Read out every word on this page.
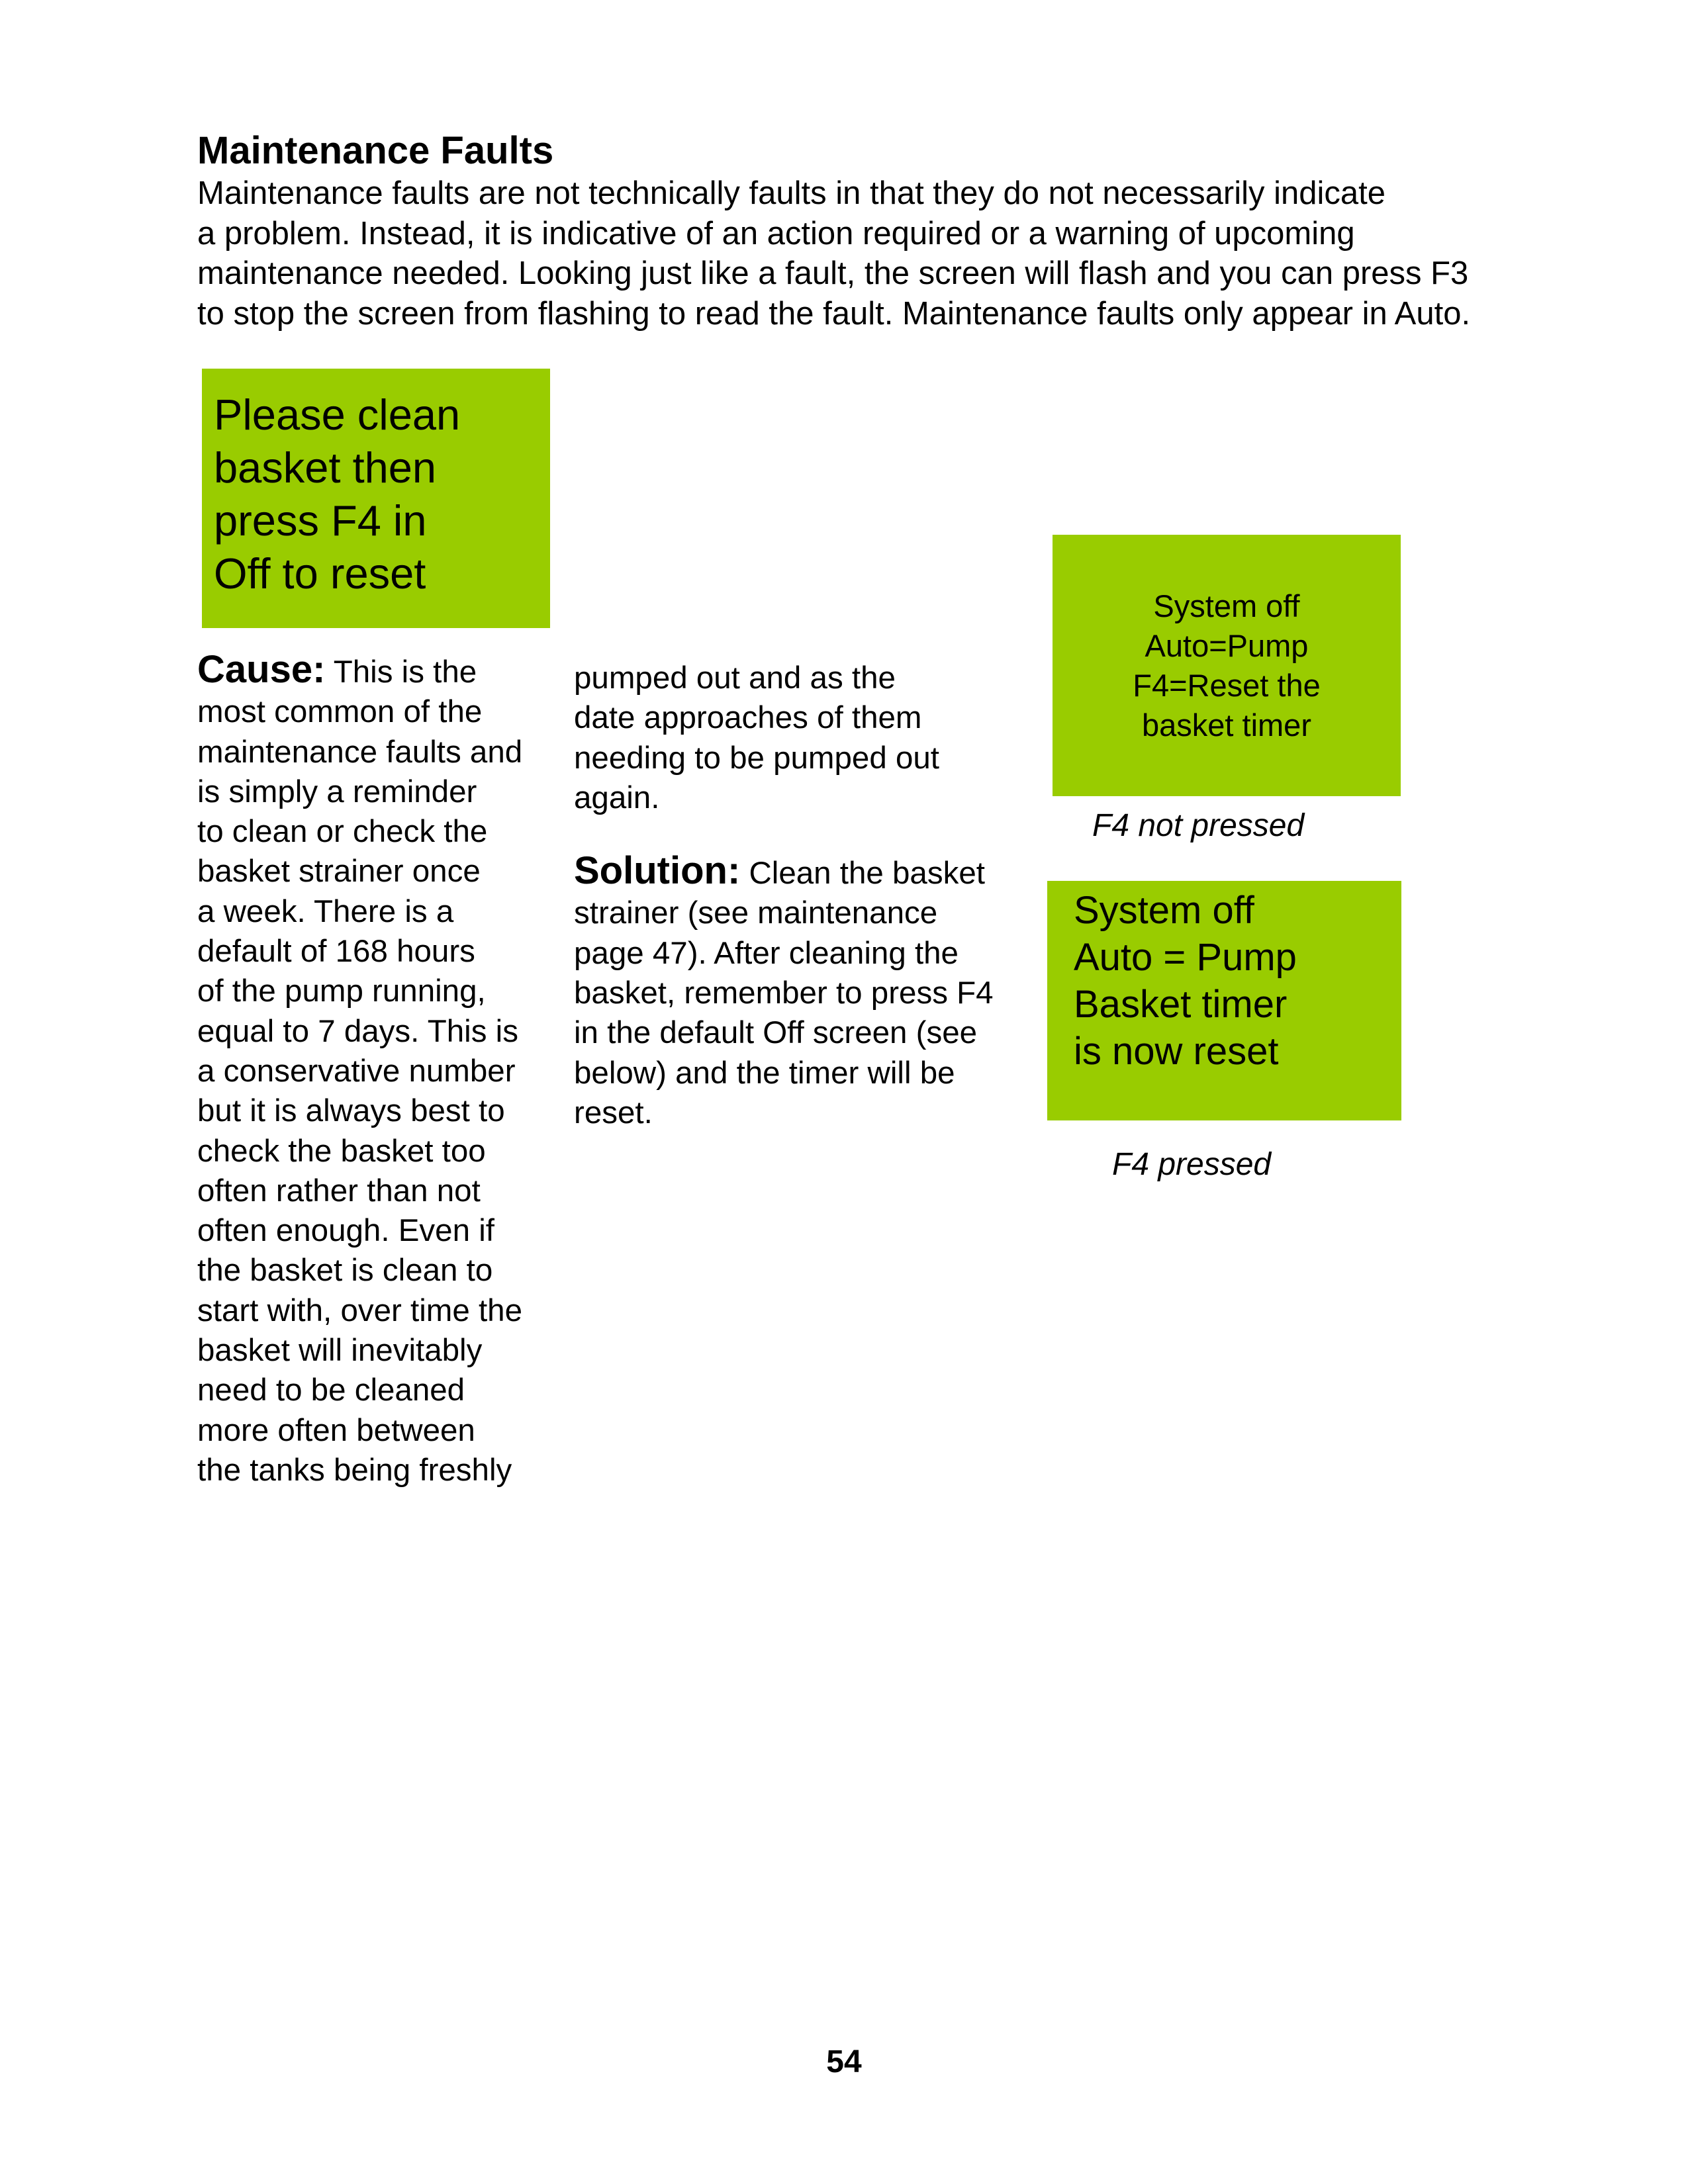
Maintenance Faults

Maintenance faults are not technically faults in that they do not necessarily indicate
a problem. Instead, it is indicative of an action required or a warning of upcoming
maintenance needed. Looking just like a fault, the screen will flash and you can press F3
to stop the screen from flashing to read the fault. Maintenance faults only appear in Auto.

Please clean
basket then
press F4 in
Off to reset
Cause: This is the
most common of the
maintenance faults and
is simply a reminder
to clean or check the
basket strainer once
a week. There is a
default of 168 hours
of the pump running,
equal to 7 days. This is
a conservative number
but it is always best to
check the basket too
often rather than not
often enough. Even if
the basket is clean to
start with, over time the
basket will inevitably
need to be cleaned
more often between
the tanks being freshly
pumped out and as the
date approaches of them
needing to be pumped out
again.
Solution: Clean the basket
strainer (see maintenance
page 47). After cleaning the
basket, remember to press F4
in the default Off screen (see
below) and the timer will be
reset.
System off
Auto=Pump
F4=Reset the
basket timer
F4 not pressed
System off
Auto = Pump
Basket timer
is now reset
F4 pressed
54
